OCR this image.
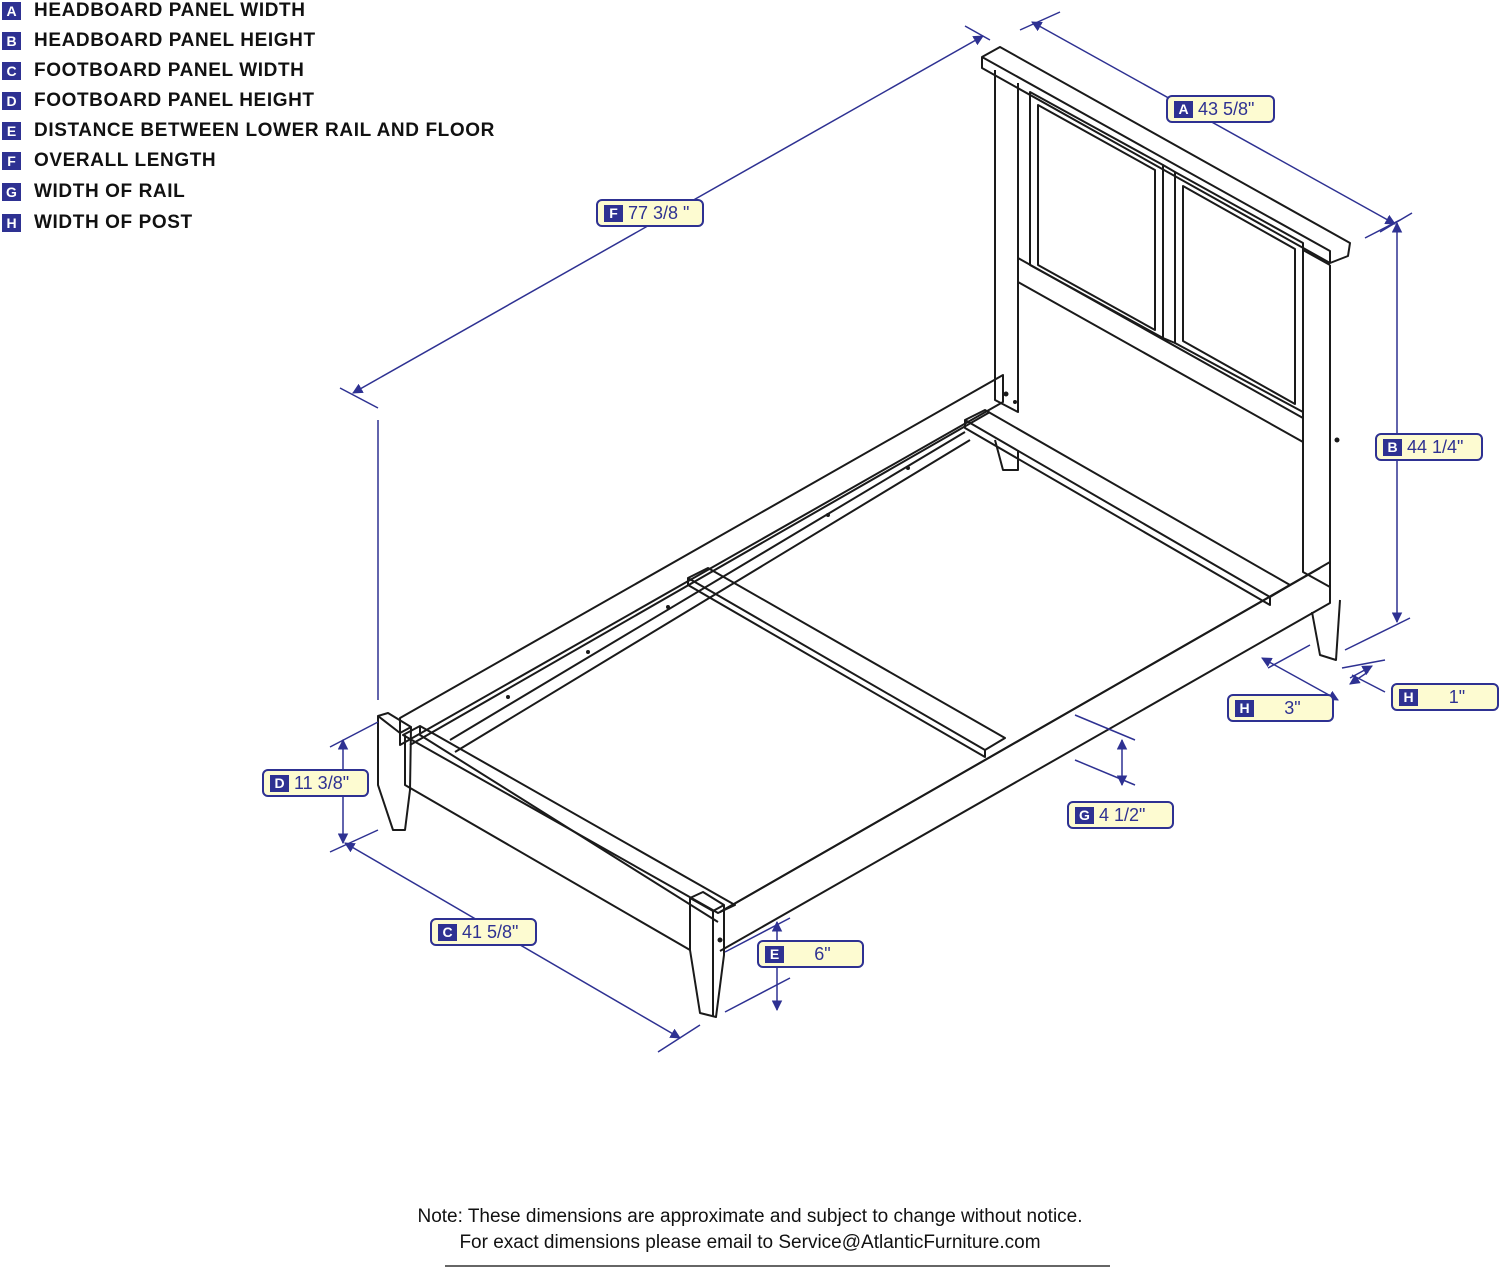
A HEADBOARD PANEL WIDTH
B HEADBOARD PANEL HEIGHT
C FOOTBOARD PANEL WIDTH
D FOOTBOARD PANEL HEIGHT
E DISTANCE BETWEEN LOWER RAIL AND FLOOR
F OVERALL LENGTH
G WIDTH OF RAIL
H WIDTH OF POST
A 43 5/8"
F 77 3/8 "
B 44 1/4"
H	3"
H	1"
D 11 3/8"
G 4 1/2"
C 41 5/8"
E	6"
Note: These dimensions are approximate and subject to change without notice.
For exact dimensions please email to Service@AtlanticFurniture.com
